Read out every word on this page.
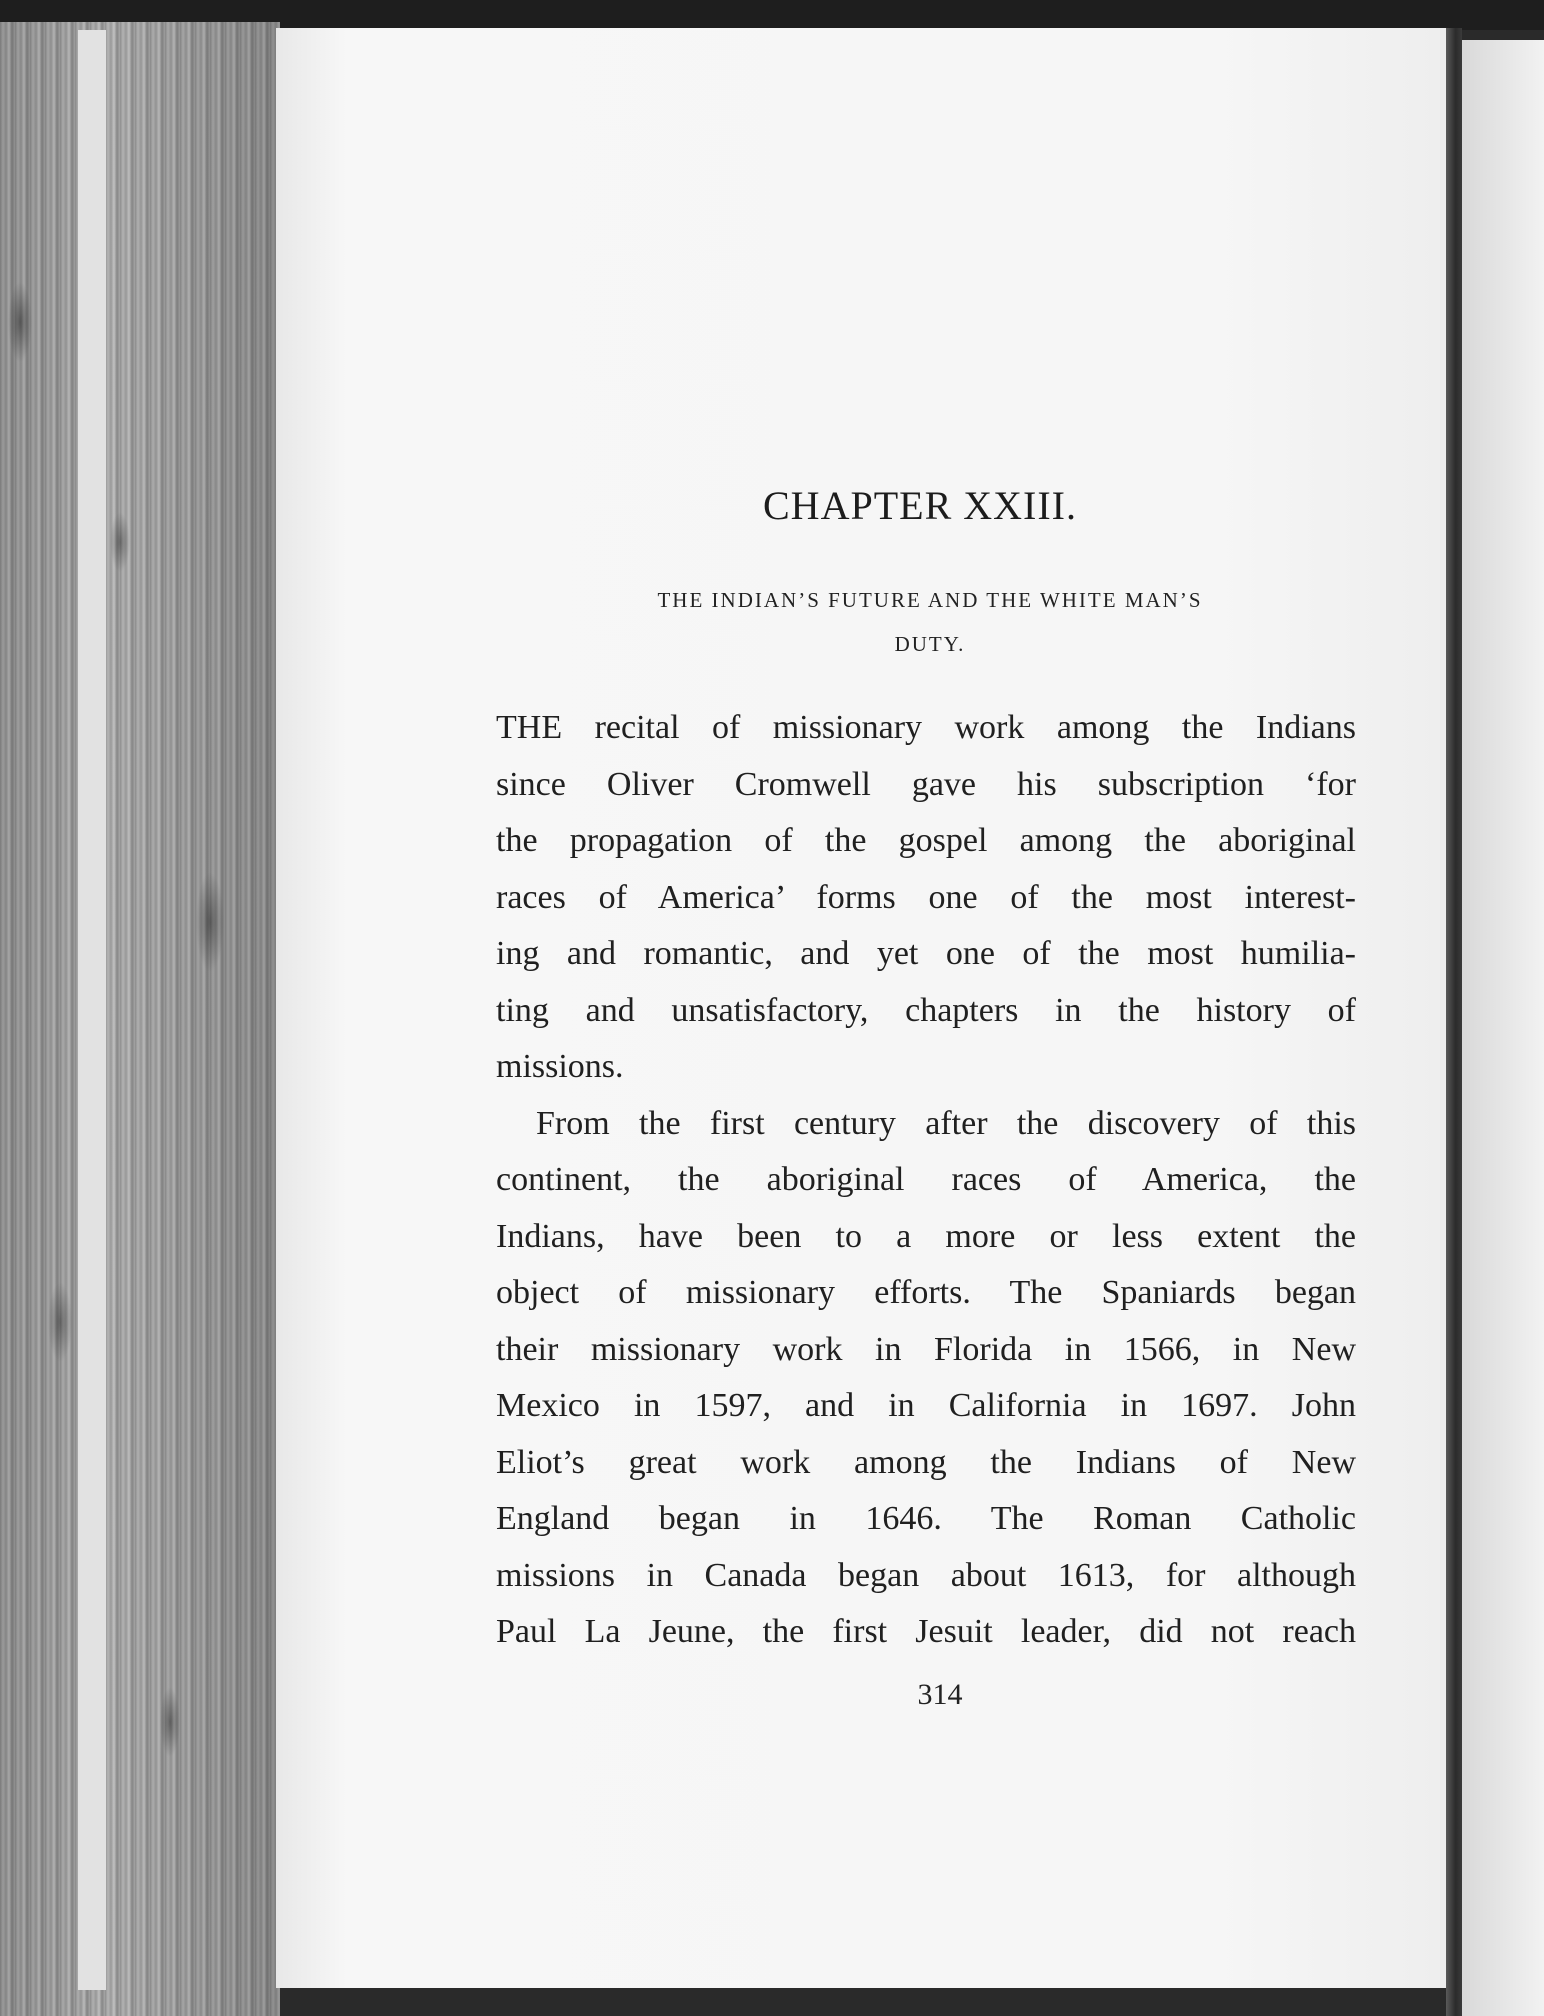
CHAPTER XXIII.
THE INDIAN’S FUTURE AND THE WHITE MAN’S
DUTY.

THE recital of missionary work among the Indians
since Oliver Cromwell gave his subscription ‘for
the propagation of the gospel among the aboriginal
races of America’ forms one of the most interest-
ing and romantic, and yet one of the most humilia-
ting and unsatisfactory, chapters in the history of
missions.

From the first century after the discovery of this
continent, the aboriginal races of America, the
Indians, have been to a more or less extent the
object of missionary efforts. The Spaniards began
their missionary work in Florida in 1566, in New
Mexico in 1597, and in California in 1697. John
Eliot’s great work among the Indians of New
England began in 1646. The Roman Catholic
missions in Canada began about 1613, for although
Paul La Jeune, the first Jesuit leader, did not reach

314
